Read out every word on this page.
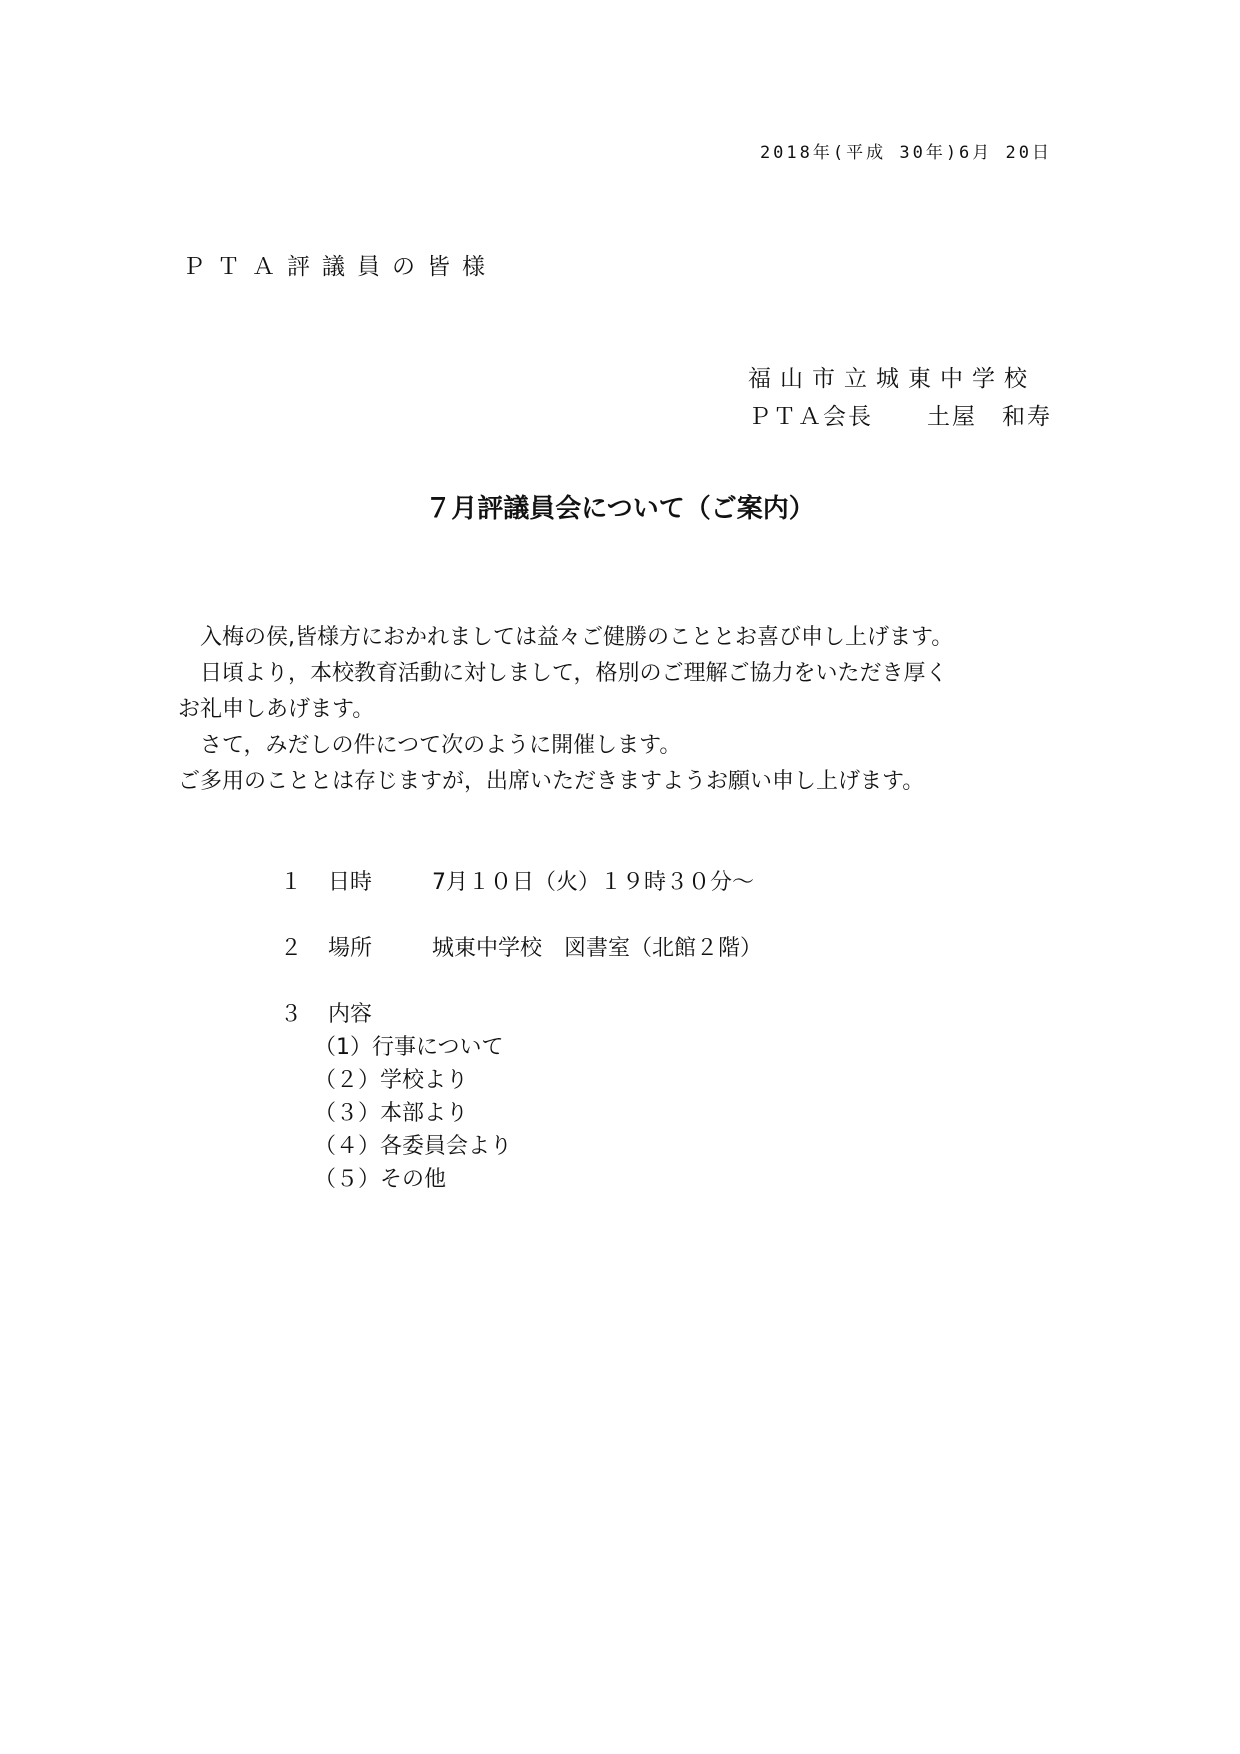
2018年(平成 30年)6月 20日
ＰＴＡ評議員の皆様
福山市立城東中学校
ＰＴＡ会長 土屋　和寿
７月評議員会について（ご案内）

入梅の侯,皆様方におかれましては益々ご健勝のこととお喜び申し上げます。

日頃より，本校教育活動に対しまして，格別のご理解ご協力をいただき厚く

お礼申しあげます。

さて，みだしの件につて次のように開催します。

ご多用のこととは存じますが，出席いただきますようお願い申し上げます。

１ 日時	7月１０日（火）１９時３０分～
２ 場所	城東中学校　図書室（北館２階）
３ 内容
（1）行事について
（２）学校より
（３）本部より
（４）各委員会より
（５）その他
